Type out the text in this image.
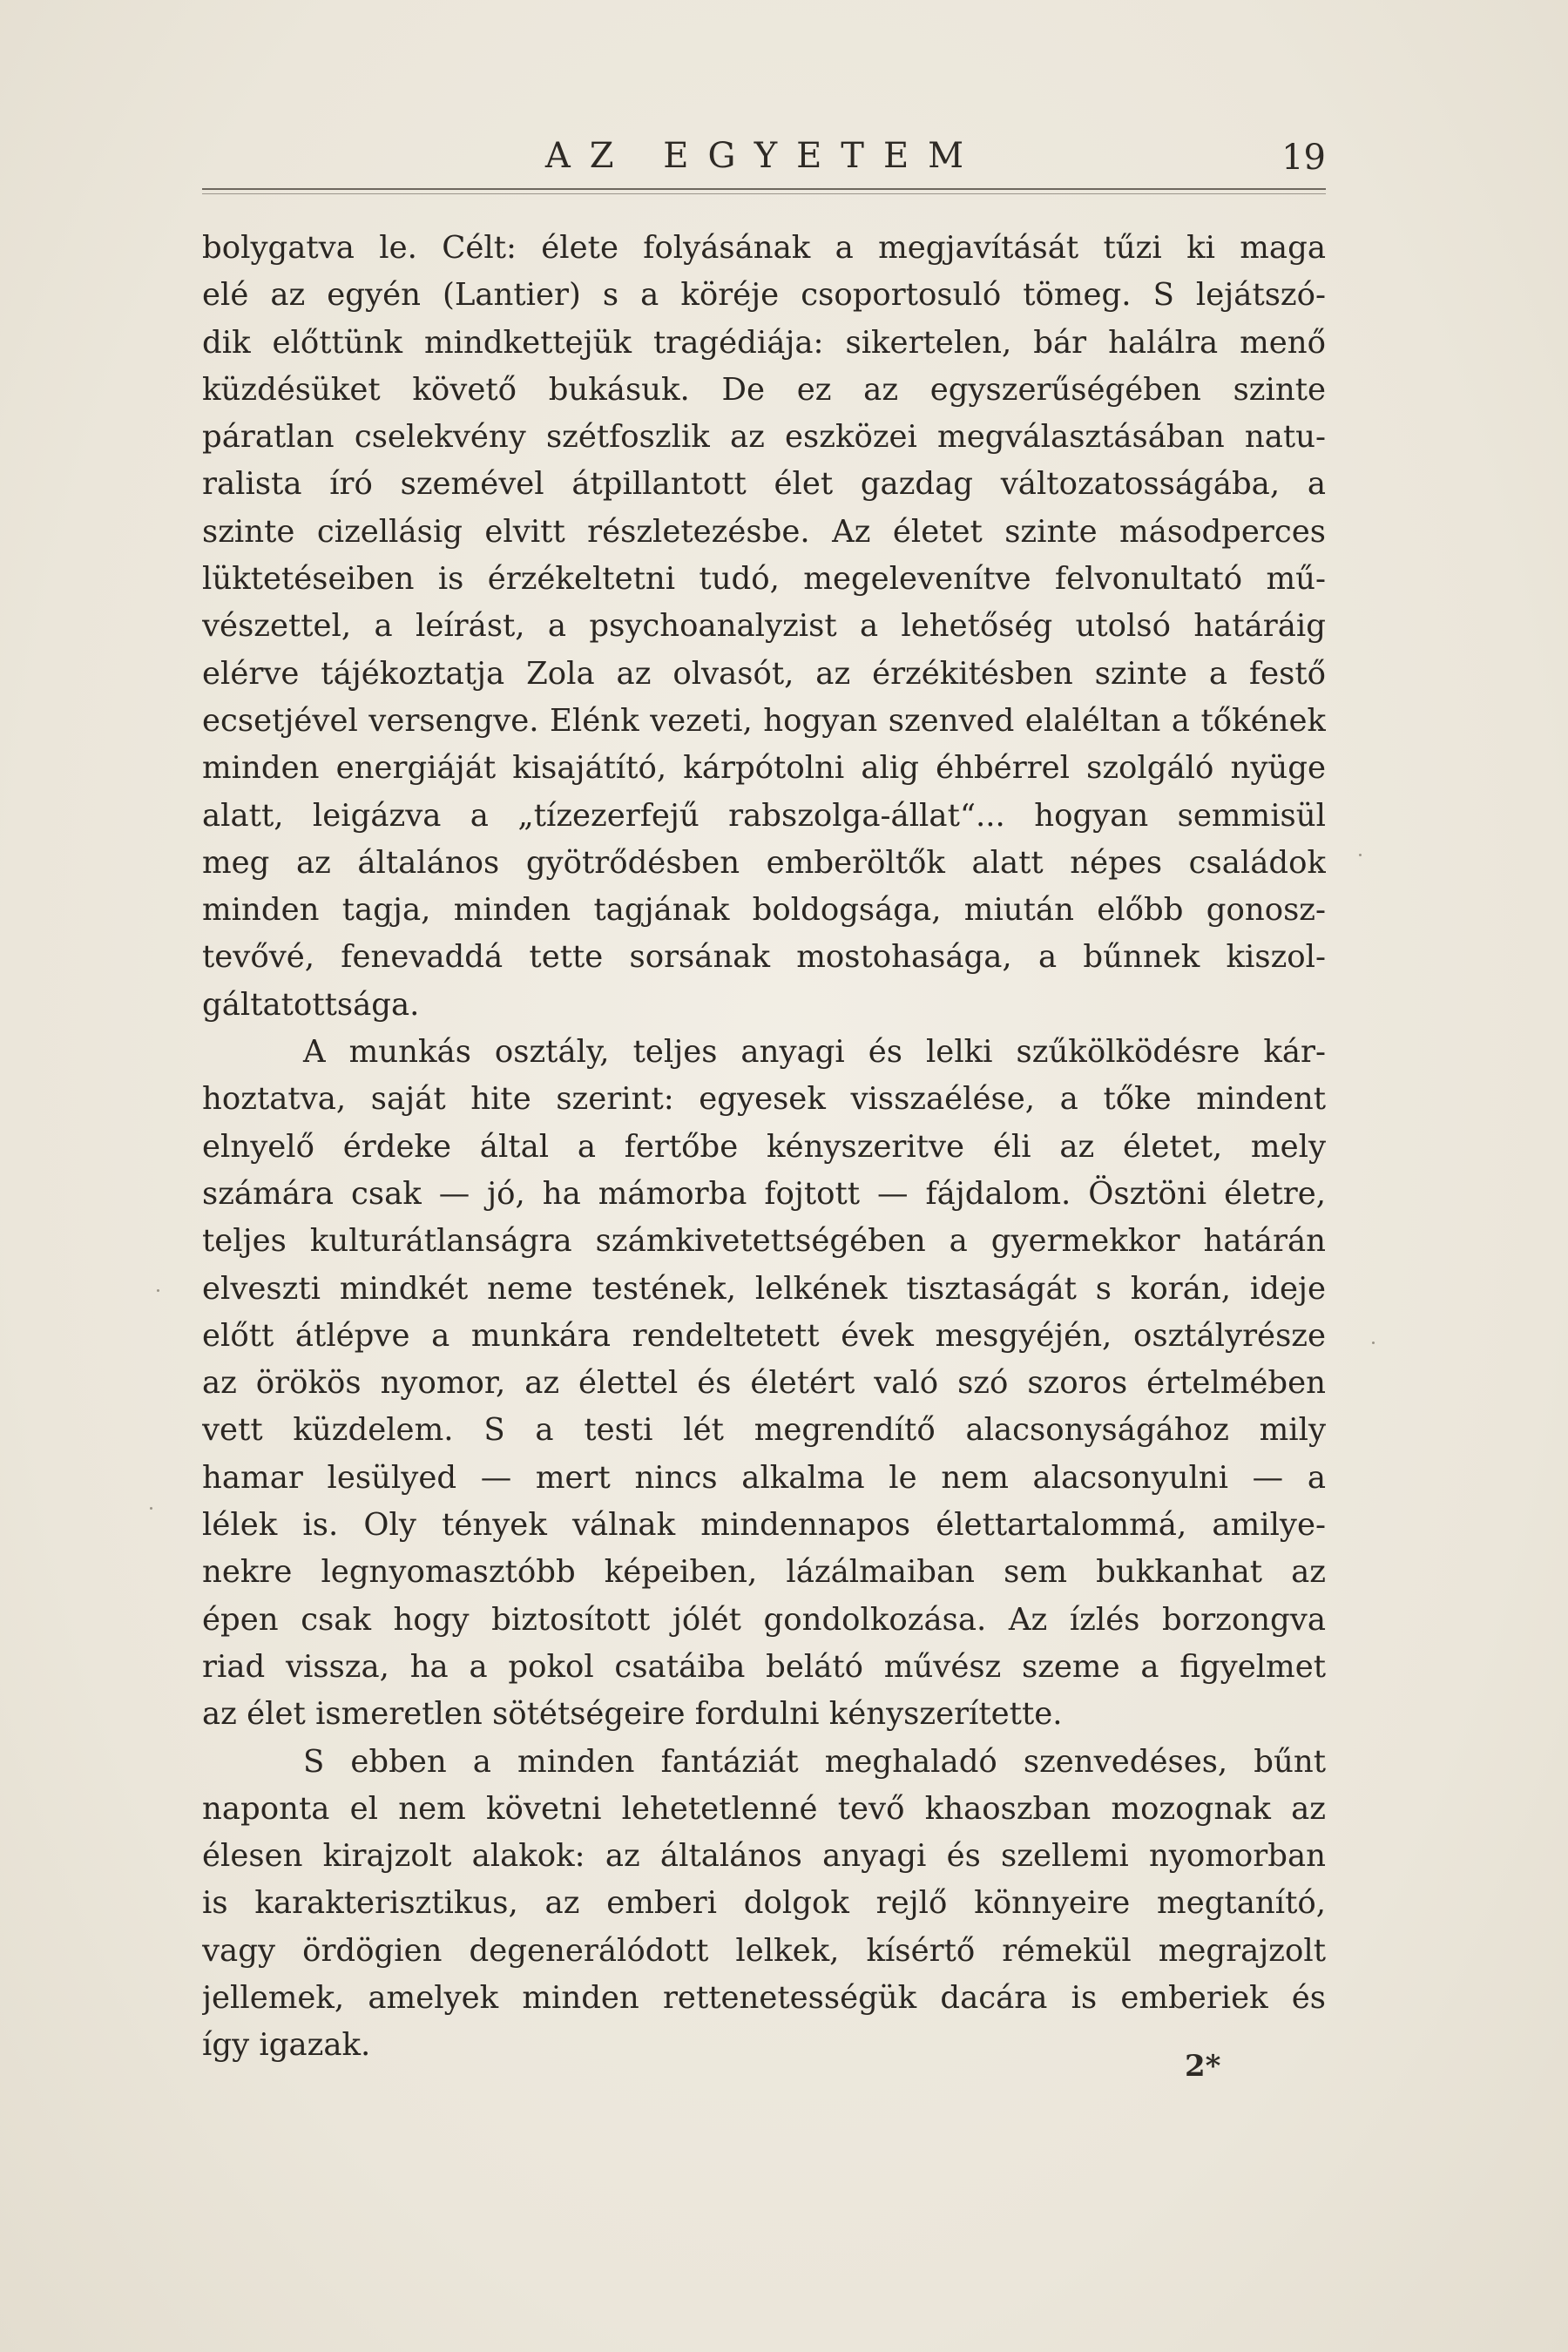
AZ EGYETEM	19
bolygatva le. Célt: élete folyásának a megjavítását tűzi ki maga
elé az egyén (Lantier) s a köréje csoportosuló tömeg. S lejátszó-
dik előttünk mindkettejük tragédiája: sikertelen, bár halálra menő
küzdésüket követő bukásuk. De ez az egyszerűségében szinte
páratlan cselekvény szétfoszlik az eszközei megválasztásában natu-
ralista író szemével átpillantott élet gazdag változatosságába, a
szinte cizellásig elvitt részletezésbe. Az életet szinte másodperces
lüktetéseiben is érzékeltetni tudó, megelevenítve felvonultató mű-
vészettel, a leírást, a psychoanalyzist a lehetőség utolsó határáig
elérve tájékoztatja Zola az olvasót, az érzékitésben szinte a festő
ecsetjével versengve. Elénk vezeti, hogyan szenved elaléltan a tőkének
minden energiáját kisajátító, kárpótolni alig éhbérrel szolgáló nyüge
alatt, leigázva a „tízezerfejű rabszolga-állat“... hogyan semmisül
meg az általános gyötrődésben emberöltők alatt népes családok
minden tagja, minden tagjának boldogsága, miután előbb gonosz-
tevővé, fenevaddá tette sorsának mostohasága, a bűnnek kiszol-
gáltatottsága.
A munkás osztály, teljes anyagi és lelki szűkölködésre kár-
hoztatva, saját hite szerint: egyesek visszaélése, a tőke mindent
elnyelő érdeke által a fertőbe kényszeritve éli az életet, mely
számára csak — jó, ha mámorba fojtott — fájdalom. Ösztöni életre,
teljes kulturátlanságra számkivetettségében a gyermekkor határán
elveszti mindkét neme testének, lelkének tisztaságát s korán, ideje
előtt átlépve a munkára rendeltetett évek mesgyéjén, osztályrésze
az örökös nyomor, az élettel és életért való szó szoros értelmében
vett küzdelem. S a testi lét megrendítő alacsonyságához mily
hamar lesülyed — mert nincs alkalma le nem alacsonyulni — a
lélek is. Oly tények válnak mindennapos élettartalommá, amilye-
nekre legnyomasztóbb képeiben, lázálmaiban sem bukkanhat az
épen csak hogy biztosított jólét gondolkozása. Az ízlés borzongva
riad vissza, ha a pokol csatáiba belátó művész szeme a figyelmet
az élet ismeretlen sötétségeire fordulni kényszerítette.
S ebben a minden fantáziát meghaladó szenvedéses, bűnt
naponta el nem követni lehetetlenné tevő khaoszban mozognak az
élesen kirajzolt alakok: az általános anyagi és szellemi nyomorban
is karakterisztikus, az emberi dolgok rejlő könnyeire megtanító,
vagy ördögien degenerálódott lelkek, kísértő rémekül megrajzolt
jellemek, amelyek minden rettenetességük dacára is emberiek és
így igazak.
2*
